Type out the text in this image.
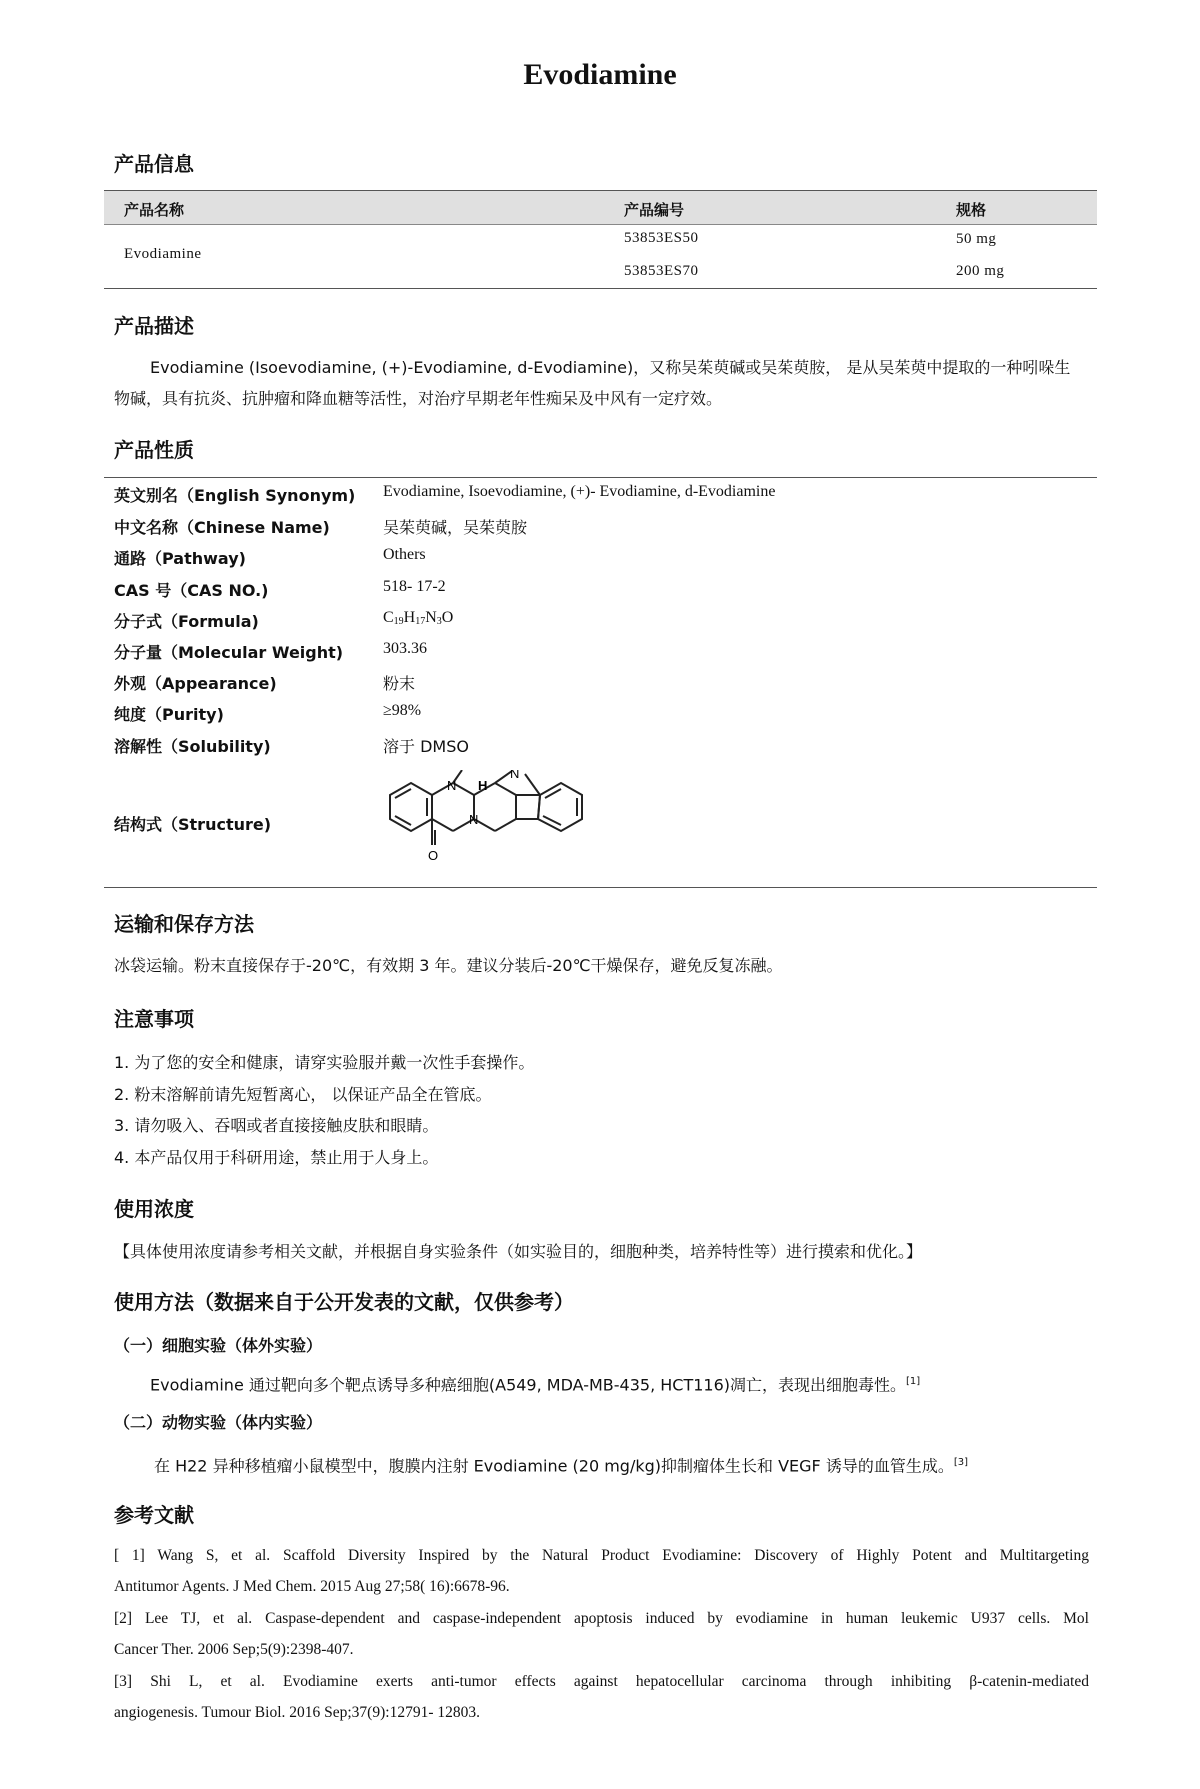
Evodiamine
产品信息
产品名称	产品编号	规格
Evodiamine
53853ES50	50 mg
53853ES70	200 mg
产品描述
Evodiamine (Isoevodiamine, (+)-Evodiamine, d-Evodiamine)，又称吴茱萸碱或吴茱萸胺， 是从吴茱萸中提取的一种吲哚生
物碱，具有抗炎、抗肿瘤和降血糖等活性，对治疗早期老年性痴呆及中风有一定疗效。
产品性质
英文别名（English Synonym) Evodiamine, Isoevodiamine, (+)- Evodiamine, d-Evodiamine
中文名称（Chinese Name)	吴茱萸碱，吴茱萸胺
通路（Pathway)	Others
CAS 号（CAS NO.)	518- 17-2
分子式（Formula)	$C_{19}H_{17}N_3O$
分子量（Molecular Weight) 303.36
外观（Appearance)	粉末
纯度（Purity)	≥98%
溶解性（Solubility)	溶于 DMSO
结构式（Structure)
N H
N
N
O
运输和保存方法
冰袋运输。粉末直接保存于-20℃，有效期 3 年。建议分装后-20℃干燥保存，避免反复冻融。
注意事项
1. 为了您的安全和健康，请穿实验服并戴一次性手套操作。
2. 粉末溶解前请先短暂离心， 以保证产品全在管底。
3. 请勿吸入、吞咽或者直接接触皮肤和眼睛。
4. 本产品仅用于科研用途，禁止用于人身上。
使用浓度
【具体使用浓度请参考相关文献，并根据自身实验条件（如实验目的，细胞种类，培养特性等）进行摸索和优化。】
使用方法（数据来自于公开发表的文献，仅供参考）
（一）细胞实验（体外实验）
Evodiamine 通过靶向多个靶点诱导多种癌细胞(A549, MDA-MB-435, HCT116)凋亡，表现出细胞毒性。[1]
（二）动物实验（体内实验）
在 H22 异种移植瘤小鼠模型中，腹膜内注射 Evodiamine (20 mg/kg)抑制瘤体生长和 VEGF 诱导的血管生成。[3]
参考文献
[ 1] Wang S, et al. Scaffold Diversity Inspired by the Natural Product Evodiamine: Discovery of Highly Potent and Multitargeting
Antitumor Agents. J Med Chem. 2015 Aug 27;58( 16):6678-96.
[2] Lee TJ, et al. Caspase-dependent and caspase-independent apoptosis induced by evodiamine in human leukemic U937 cells. Mol
Cancer Ther. 2006 Sep;5(9):2398-407.
[3] Shi L, et al. Evodiamine exerts anti-tumor effects against hepatocellular carcinoma through inhibiting β-catenin-mediated
angiogenesis. Tumour Biol. 2016 Sep;37(9):12791- 12803.
